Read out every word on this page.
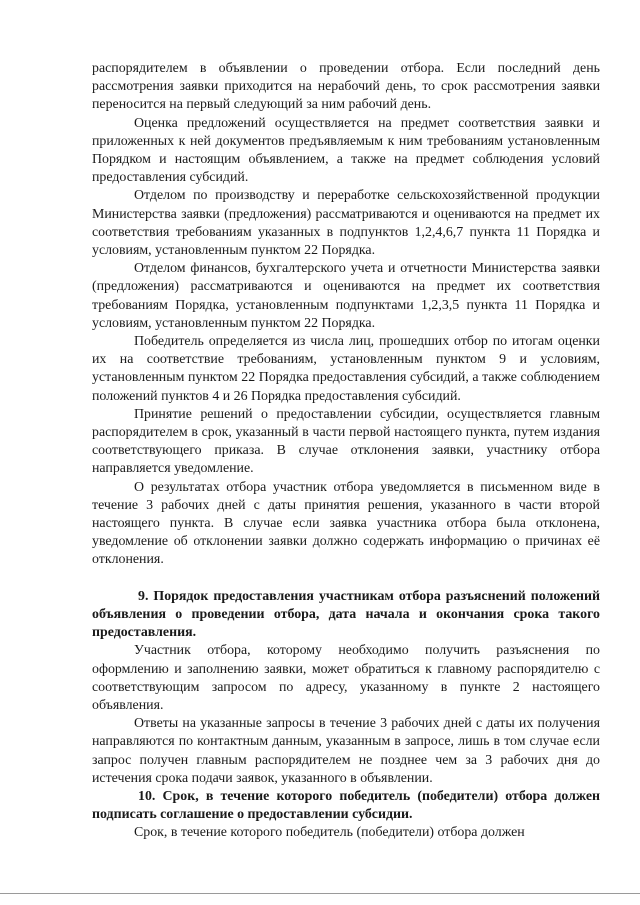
распорядителем в объявлении о проведении отбора. Если последний день рассмотрения заявки приходится на нерабочий день, то срок рассмотрения заявки переносится на первый следующий за ним рабочий день.

Оценка предложений осуществляется на предмет соответствия заявки и приложенных к ней документов предъявляемым к ним требованиям установленным Порядком и настоящим объявлением, а также на предмет соблюдения условий предоставления субсидий.

Отделом по производству и переработке сельскохозяйственной продукции Министерства заявки (предложения) рассматриваются и оцениваются на предмет их соответствия требованиям указанных в подпунктов 1,2,4,6,7 пункта 11 Порядка и условиям, установленным пунктом 22 Порядка.

Отделом финансов, бухгалтерского учета и отчетности Министерства заявки (предложения) рассматриваются и оцениваются на предмет их соответствия требованиям Порядка, установленным подпунктами 1,2,3,5 пункта 11 Порядка и условиям, установленным пунктом 22 Порядка.

Победитель определяется из числа лиц, прошедших отбор по итогам оценки их на соответствие требованиям, установленным пунктом 9 и условиям, установленным пунктом 22 Порядка предоставления субсидий, а также соблюдением положений пунктов 4 и 26 Порядка предоставления субсидий.

Принятие решений о предоставлении субсидии, осуществляется главным распорядителем в срок, указанный в части первой настоящего пункта, путем издания соответствующего приказа. В случае отклонения заявки, участнику отбора направляется уведомление.

О результатах отбора участник отбора уведомляется в письменном виде в течение 3 рабочих дней с даты принятия решения, указанного в части второй настоящего пункта. В случае если заявка участника отбора была отклонена, уведомление об отклонении заявки должно содержать информацию о причинах её отклонения.

9. Порядок предоставления участникам отбора разъяснений положений объявления о проведении отбора, дата начала и окончания срока такого предоставления.

Участник отбора, которому необходимо получить разъяснения по оформлению и заполнению заявки, может обратиться к главному распорядителю с соответствующим запросом по адресу, указанному в пункте 2 настоящего объявления.

Ответы на указанные запросы в течение 3 рабочих дней с даты их получения направляются по контактным данным, указанным в запросе, лишь в том случае если запрос получен главным распорядителем не позднее чем за 3 рабочих дня до истечения срока подачи заявок, указанного в объявлении.

10. Срок, в течение которого победитель (победители) отбора должен подписать соглашение о предоставлении субсидии.

Срок, в течение которого победитель (победители) отбора должен
